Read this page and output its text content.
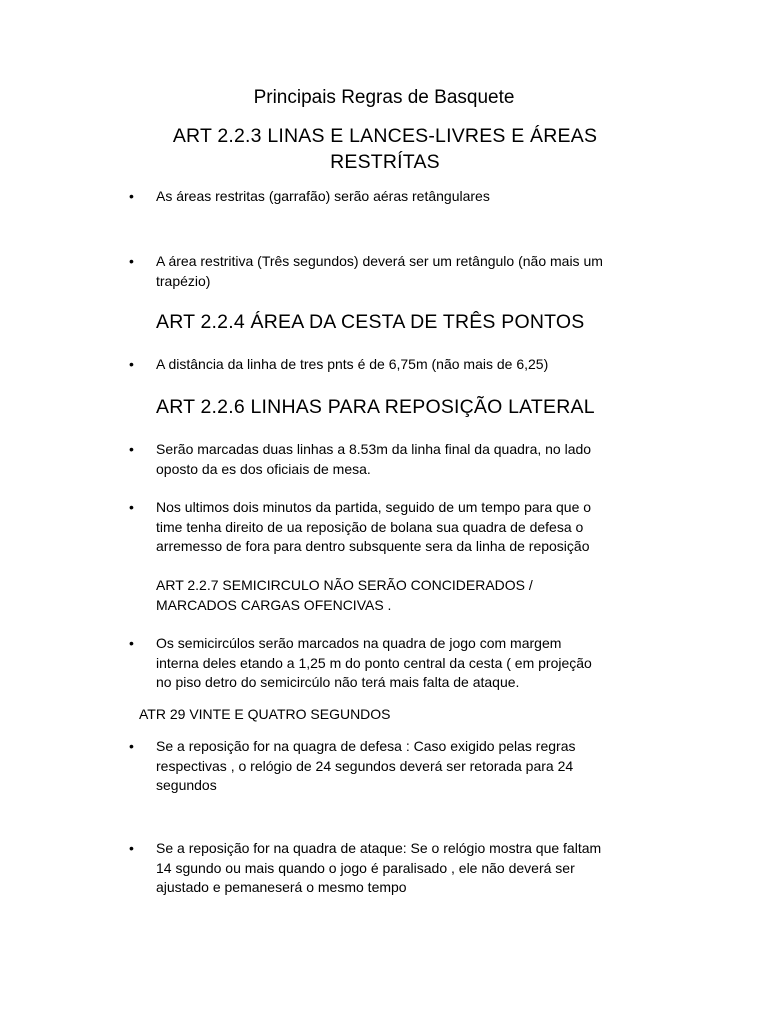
Principais Regras de Basquete
ART 2.2.3 LINAS E LANCES-LIVRES E ÁREAS RESTRÍTAS
•	As áreas restritas (garrafão) serão aéras retângulares

•	A área restritiva (Três segundos) deverá ser um retângulo (não mais um
trapézio)

ART 2.2.4 ÁREA DA CESTA DE TRÊS PONTOS
•	A distância da linha de tres pnts é de 6,75m (não mais de 6,25)

ART 2.2.6 LINHAS PARA REPOSIÇÃO LATERAL
•	Serão marcadas duas linhas a 8.53m da linha final da quadra, no lado
oposto da es dos oficiais de mesa.

•	Nos ultimos dois minutos da partida, seguido de um tempo para que o
time tenha direito de ua reposição de bolana sua quadra de defesa o
arremesso de fora para dentro subsquente sera da linha de reposição

ART 2.2.7 SEMICIRCULO NÃO SERÃO CONCIDERADOS /
MARCADOS CARGAS OFENCIVAS .

•	Os semicircúlos serão marcados na quadra de jogo com margem
interna deles etando a 1,25 m do ponto central da cesta ( em projeção
no piso detro do semicircúlo não terá mais falta de ataque.

ATR 29 VINTE E QUATRO SEGUNDOS

•	Se a reposição for na quagra de defesa : Caso exigido pelas regras
respectivas , o relógio de 24 segundos deverá ser retorada para 24
segundos

•	Se a reposição for na quadra de ataque: Se o relógio mostra que faltam
14 sgundo ou mais quando o jogo é paralisado , ele não deverá ser
ajustado e pemaneserá o mesmo tempo
